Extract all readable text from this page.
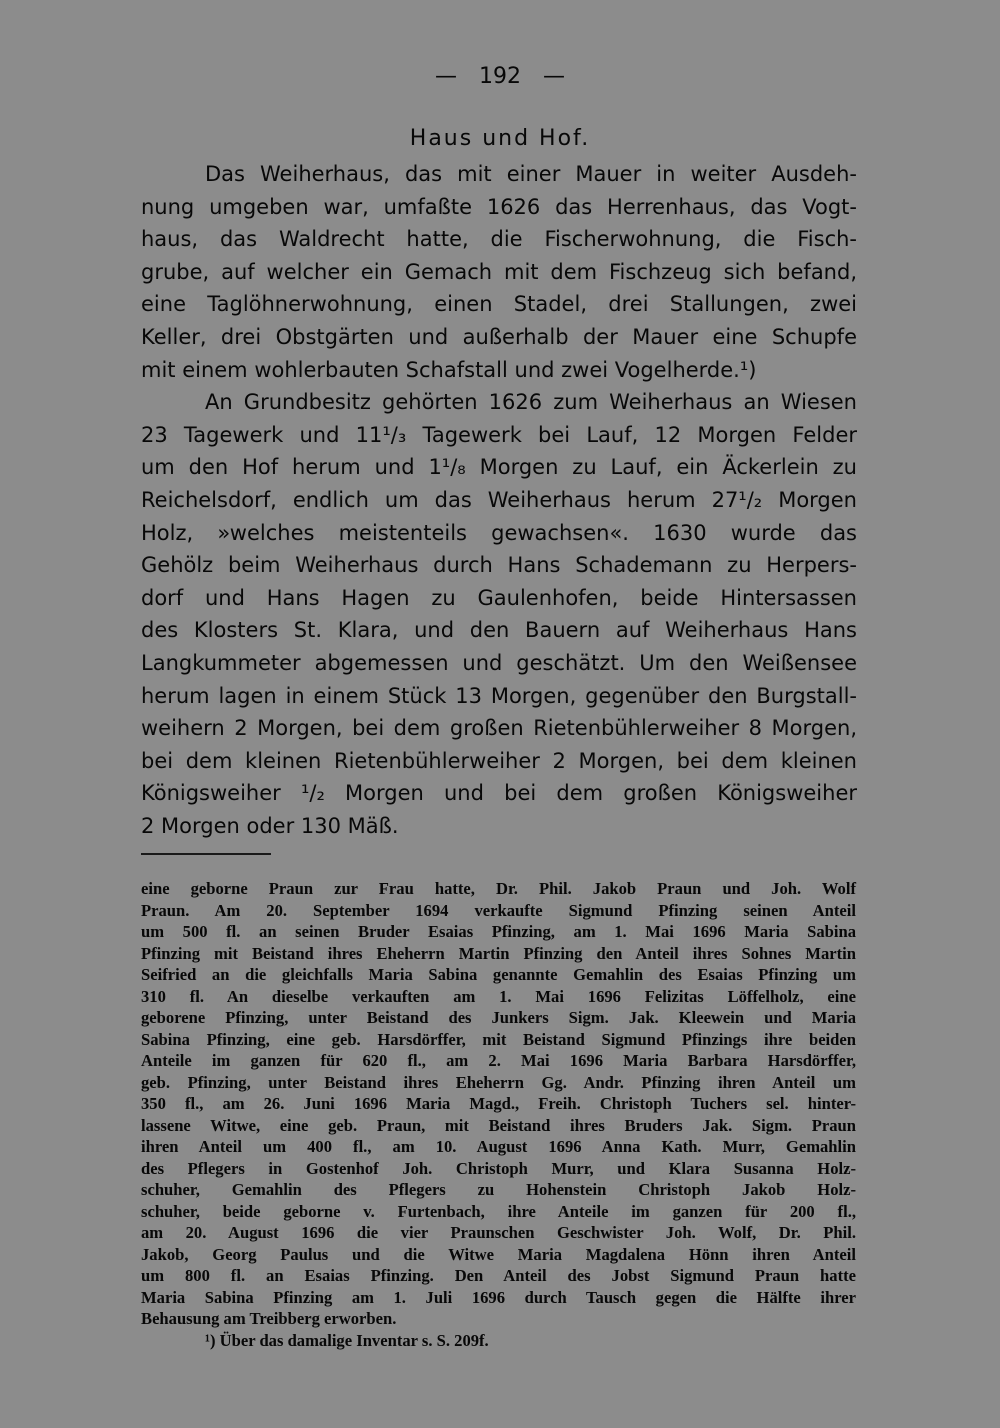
— 192 —
Haus und Hof.
Das Weiherhaus, das mit einer Mauer in weiter Ausdeh-
nung umgeben war, umfaßte 1626 das Herrenhaus, das Vogt-
haus, das Waldrecht hatte, die Fischerwohnung, die Fisch-
grube, auf welcher ein Gemach mit dem Fischzeug sich befand,
eine Taglöhnerwohnung, einen Stadel, drei Stallungen, zwei
Keller, drei Obstgärten und außerhalb der Mauer eine Schupfe
mit einem wohlerbauten Schafstall und zwei Vogelherde.¹)
An Grundbesitz gehörten 1626 zum Weiherhaus an Wiesen
23 Tagewerk und 11¹/₃ Tagewerk bei Lauf, 12 Morgen Felder
um den Hof herum und 1¹/₈ Morgen zu Lauf, ein Äckerlein zu
Reichelsdorf, endlich um das Weiherhaus herum 27¹/₂ Morgen
Holz, »welches meistenteils gewachsen«. 1630 wurde das
Gehölz beim Weiherhaus durch Hans Schademann zu Herpers-
dorf und Hans Hagen zu Gaulenhofen, beide Hintersassen
des Klosters St. Klara, und den Bauern auf Weiherhaus Hans
Langkummeter abgemessen und geschätzt. Um den Weißensee
herum lagen in einem Stück 13 Morgen, gegenüber den Burgstall-
weihern 2 Morgen, bei dem großen Rietenbühlerweiher 8 Morgen,
bei dem kleinen Rietenbühlerweiher 2 Morgen, bei dem kleinen
Königsweiher ¹/₂ Morgen und bei dem großen Königsweiher
2 Morgen oder 130 Mäß.
eine geborne Praun zur Frau hatte, Dr. Phil. Jakob Praun und Joh. Wolf
Praun. Am 20. September 1694 verkaufte Sigmund Pfinzing seinen Anteil
um 500 fl. an seinen Bruder Esaias Pfinzing, am 1. Mai 1696 Maria Sabina
Pfinzing mit Beistand ihres Eheherrn Martin Pfinzing den Anteil ihres Sohnes Martin
Seifried an die gleichfalls Maria Sabina genannte Gemahlin des Esaias Pfinzing um
310 fl. An dieselbe verkauften am 1. Mai 1696 Felizitas Löffelholz, eine
geborene Pfinzing, unter Beistand des Junkers Sigm. Jak. Kleewein und Maria
Sabina Pfinzing, eine geb. Harsdörffer, mit Beistand Sigmund Pfinzings ihre beiden
Anteile im ganzen für 620 fl., am 2. Mai 1696 Maria Barbara Harsdörffer,
geb. Pfinzing, unter Beistand ihres Eheherrn Gg. Andr. Pfinzing ihren Anteil um
350 fl., am 26. Juni 1696 Maria Magd., Freih. Christoph Tuchers sel. hinter-
lassene Witwe, eine geb. Praun, mit Beistand ihres Bruders Jak. Sigm. Praun
ihren Anteil um 400 fl., am 10. August 1696 Anna Kath. Murr, Gemahlin
des Pflegers in Gostenhof Joh. Christoph Murr, und Klara Susanna Holz-
schuher, Gemahlin des Pflegers zu Hohenstein Christoph Jakob Holz-
schuher, beide geborne v. Furtenbach, ihre Anteile im ganzen für 200 fl.,
am 20. August 1696 die vier Praunschen Geschwister Joh. Wolf, Dr. Phil.
Jakob, Georg Paulus und die Witwe Maria Magdalena Hönn ihren Anteil
um 800 fl. an Esaias Pfinzing. Den Anteil des Jobst Sigmund Praun hatte
Maria Sabina Pfinzing am 1. Juli 1696 durch Tausch gegen die Hälfte ihrer
Behausung am Treibberg erworben.
¹) Über das damalige Inventar s. S. 209f.
